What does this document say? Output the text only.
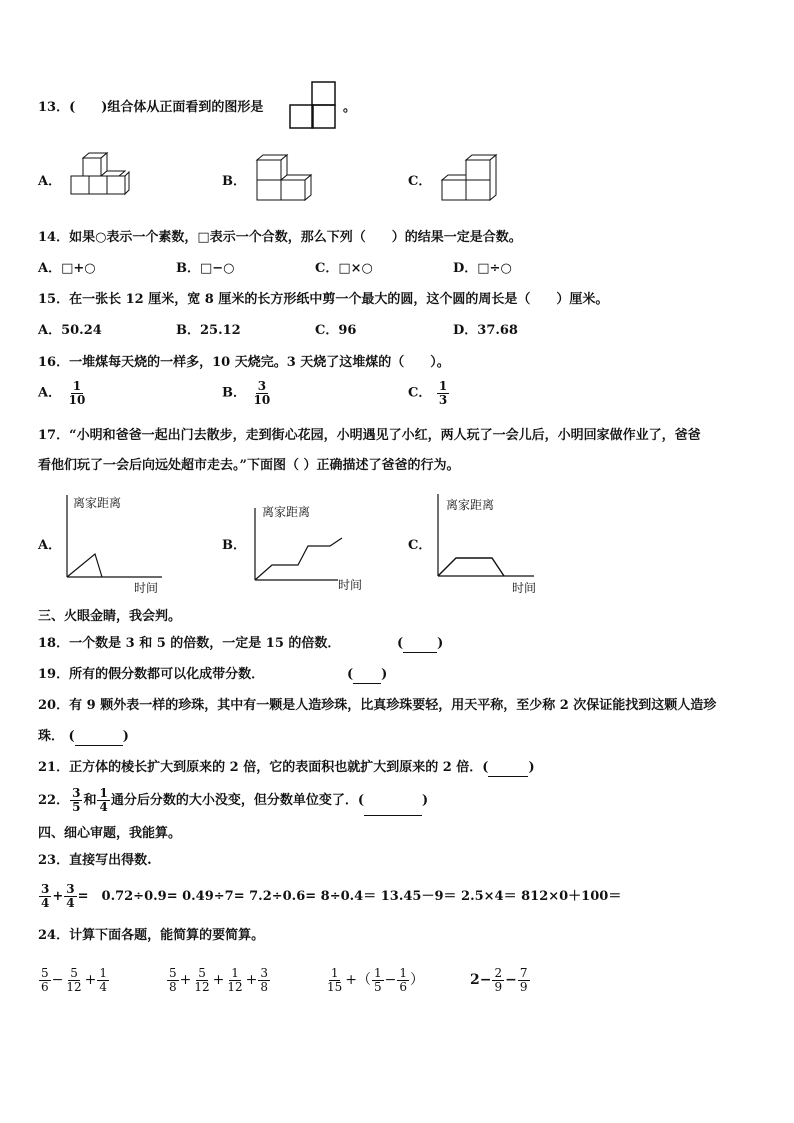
13．(　　)组合体从正面看到的图形是	。
A．	B．	C．
14．如果○表示一个素数，□表示一个合数，那么下列（　　）的结果一定是合数。
A．□+○	B．□−○	C．□×○	D．□÷○
15．在一张长 12 厘米，宽 8 厘米的长方形纸中剪一个最大的圆，这个圆的周长是（　　）厘米。
A．50.24	B．25.12	C．96	D．37.68
16．一堆煤每天烧的一样多，10 天烧完。3 天烧了这堆煤的（　　）。
A． $\frac{1}{10}$	B． $\frac{3}{10}$	C． $\frac{1}{3}$
17．“小明和爸爸一起出门去散步，走到街心花园，小明遇见了小红，两人玩了一会儿后，小明回家做作业了，爸爸
看他们玩了一会后向远处超市走去。”下面图（ ）正确描述了爸爸的行为。
A．
离家距离
时间
B．
离家距离
时间
C．
离家距离
时间
三、火眼金睛，我会判。
18．一个数是 3 和 5 的倍数，一定是 15 的倍数．	(	)
19．所有的假分数都可以化成带分数．	( )
20．有 9 颗外表一样的珍珠，其中有一颗是人造珍珠，比真珍珠要轻，用天平称，至少称 2 次保证能找到这颗人造珍
珠． (	)
21．正方体的棱长扩大到原来的 2 倍，它的表面积也就扩大到原来的 2 倍．(	)
22． $\frac{3}{5}$ 和 $\frac{1}{4}$ 通分后分数的大小没变，但分数单位变了．(	)
四、细心审题，我能算。
23．直接写出得数.
$\frac{3}{4} + \frac{3}{4}$ =　0.72÷0.9= 0.49÷7= 7.2÷0.6= 8÷0.4＝ 13.45－9＝ 2.5×4＝ 812×0＋100＝
24．计算下面各题，能简算的要简算。
$\frac{5}{6} - \frac{5}{12} + \frac{1}{4}$	$\frac{5}{8} + \frac{5}{12} + \frac{1}{12} + \frac{3}{8}$	$\frac{1}{15}$ +（ $\frac{1}{5} - \frac{1}{6}$ ）	$2- \frac{2}{9} - \frac{7}{9}$
